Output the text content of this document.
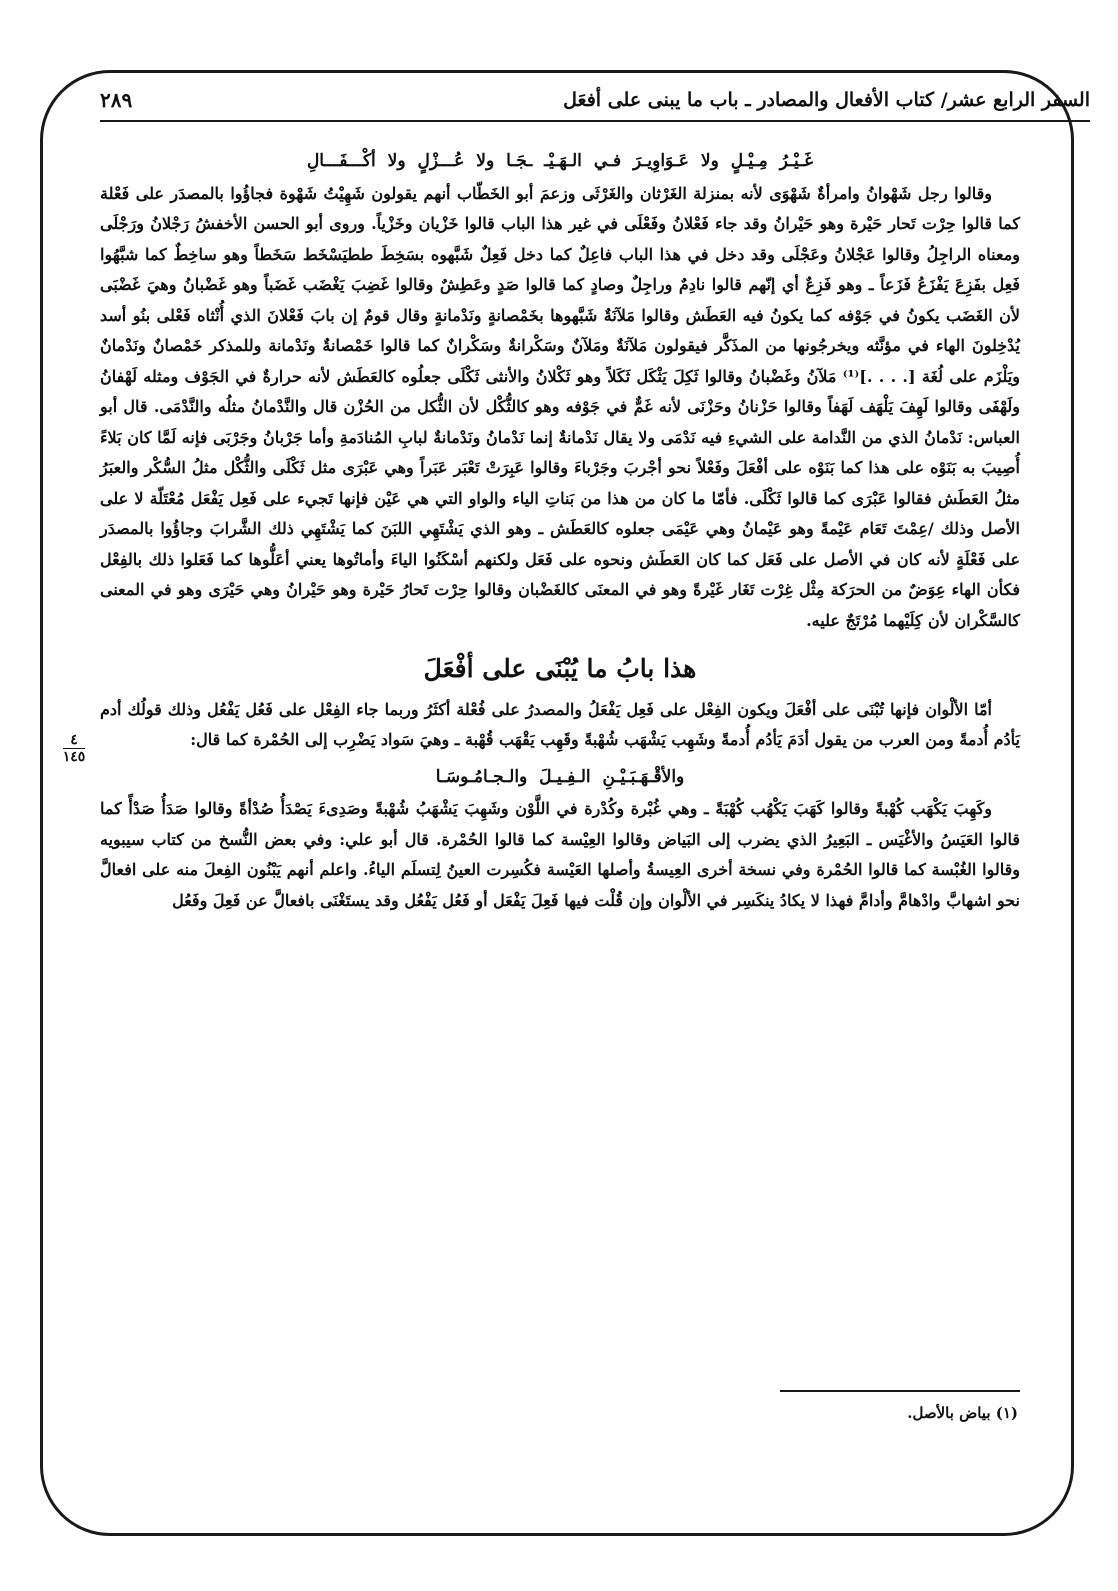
السفر الرابع عشر/ كتاب الأفعال والمصادر ـ باب ما يبنى على أفعَل
٢٨٩
٤
١٤٥
غَـيْـرُ مِـيْـلٍ ولا عَـوَاوِيـرَ فـي الـهَـيْـ ـجَـا ولا عُـــزْلٍ ولا أكْـــفَـــالِ

وقالوا رجل شَهْوانُ وامرأةٌ شَهْوَى لأنه بمنزلة الغَرْثان والغَرْثَى وزعمَ أبو الخَطّاب أنهم يقولون شَهِيْتُ شَهْوة فجاؤُوا بالمصدَر على فَعْلة كما قالوا حِرْت تَحار حَيْرة وهو حَيْرانُ وقد جاء فَعْلانُ وفَعْلَى في غير هذا الباب قالوا خَزْيان وخَزْياً. وروى أبو الحسن الأخفشُ رَجْلانُ ورَجْلَى ومعناه الراجِلُ وقالوا عَجْلانُ وعَجْلَى وقد دخل في هذا الباب فاعِلٌ كما دخل فَعِلٌ شَبَّهوه بسَخِطَ ططيَسْخَط سَخَطاً وهو ساخِطٌ كما شبَّهُوا فَعِل بفَزِعَ يَفْزَعُ فَزَعاً ـ وهو فَزِعٌ أي إنّهم قالوا نادِمٌ وراجِلٌ وصادٍ كما قالوا صَدٍ وعَطِشٌ وقالوا غَضِبَ يَغْضَب غَضَباً وهو غَضْبانُ وهيَ غَضْبَى لأن الغَضَب يكونُ في جَوْفه كما يكونُ فيه العَطَش وقالوا مَلآنَةٌ شَبَّهوها بخَمْصانةٍ ونَدْمانةٍ وقال قومٌ إن بابَ فَعْلانَ الذي أُنْثاه فَعْلى بنُو أسد يُدْخِلونَ الهاء في مؤنَّثه ويخرجُونها من المذَكَّر فيقولون مَلآنَةٌ ومَلآنٌ وسَكْرانةٌ وسَكْرانٌ كما قالوا خَمْصانةٌ ونَدْمانة وللمذكر خَمْصانٌ ونَدْمانٌ ويَلْزَم على لُغَة [. . . .]⁽¹⁾ مَلآنُ وغَضْبانُ وقالوا ثَكِلَ يَثْكَل ثَكَلاً وهو ثَكْلانُ والأنثى ثَكْلَى جعلُوه كالعَطَش لأنه حرارةٌ في الجَوْف ومثله لَهْفانُ ولَهْفَى وقالوا لَهِفَ يَلْهَف لَهَفاً وقالوا حَزْنانُ وحَزْنَى لأنه غَمٌّ في جَوْفه وهو كالثُّكْل لأن الثُّكل من الحُزْن قال والنَّدْمانُ مثلُه والنَّدْمَى. قال أبو العباس: نَدْمانُ الذي من النَّدامة على الشيءِ فيه نَدْمَى ولا يقال نَدْمانةٌ إنما نَدْمانُ ونَدْمانةٌ لبابِ المُنادَمةِ وأما جَرْبانُ وجَرْبَى فإنه لَمَّا كان بَلاءً أُصِيبَ به بَنَوْه على هذا كما بَنَوْه على أفْعَلَ وفَعْلاً نحو أجْربَ وجَرْباءَ وقالوا عَبِرَتْ تَعْبَر عَبَراً وهي عَبْرَى مثل ثَكْلَى والثُّكْل مثلُ السُّكْر والعبَرُ مثلُ العَطَش فقالوا عَبْرَى كما قالوا ثَكْلَى. فأمّا ما كان من هذا من بَناتِ الياء والواو التي هي عَيْن فإنها تَجيء على فَعِل يَفْعَل مُعْتَلّة لا على الأصل وذلك /عِمْتَ تَعَام عَيْمةً وهو عَيْمانُ وهي عَيْمَى جعلوه كالعَطَش ـ وهو الذي يَشْتَهِي اللبَنَ كما يَشْتَهِي ذلك الشَّرابَ وجاؤُوا بالمصدَر على فَعْلَةٍ لأنه كان في الأصل على فَعَل كما كان العَطَش ونحوه على فَعَل ولكنهم أسْكَنُوا الياءَ وأماتُوها يعني أعَلُّوها كما فَعَلوا ذلك بالفِعْل فكأن الهاء عِوَضٌ من الحرَكة مِثْل غِرْت تَغَار غَيْرةً وهو في المعنَى كالغَضْبان وقالوا حِرْت تَحارُ حَيْرة وهو حَيْرانُ وهي حَيْرَى وهو في المعنى كالسَّكْران لأن كِلَيْهما مُرْتَجٌ عليه.

هذا بابُ ما يُبْنَى على أفْعَلَ

أمّا الألْوان فإنها تُبْنَى على أفْعَلَ ويكون الفِعْل على فَعِل يَفْعَلُ والمصدرُ على فُعْلة أكثَرُ وربما جاء الفِعْل على فَعُل يَفْعُل وذلك قولُك أدم يَأدُم أُدمةً ومن العرب من يقول أدَمَ يَأدُم أُدمةً وشَهِب يَشْهَب شُهْبةً وقَهِب يَقْهَب قُهْبة ـ وهيَ سَواد يَضْرِب إلى الحُمْرة كما قال:

والأقْـهَـبَـيْـنِ الـفِـيـلَ والـجـامُـوسَـا

وكَهِبَ يَكْهَب كُهْبةً وقالوا كَهَبَ يَكْهُب كُهْبَةً ـ وهي غُبْرة وكُدْرة في اللَّوْن وشَهِبَ يَشْهَبُ شُهْبةً وصَدِىءَ يَصْدَأُ صُدْأةً وقالوا صَدَأُ صَدْأً كما قالوا العَيَسُ والأغْيَس ـ البَعِيرُ الذي يضرب إلى البَياض وقالوا العِيْسة كما قالوا الحُمْرة. قال أبو علي: وفي بعض النُّسخ من كتاب سيبويه وقالوا الغُبْسة كما قالوا الحُمْرة وفي نسخة أخرى العِيسةُ وأصلها العَيْسة فكُسِرت العينُ لِتسلَم الياءُ. واعلم أنهم يَبْنُون الفِعلَ منه على افعالَّ نحو اشهابَّ وادْهامَّ وأدامَّ فهذا لا يكادُ ينكَسِر في الألْوان وإن قُلْت فيها فَعِلَ يَفْعَل أو فَعُل يَفْعُل وقد يستَغْنَى بافعالَّ عن فَعِلَ وفَعُل

(١) بياض بالأصل.
